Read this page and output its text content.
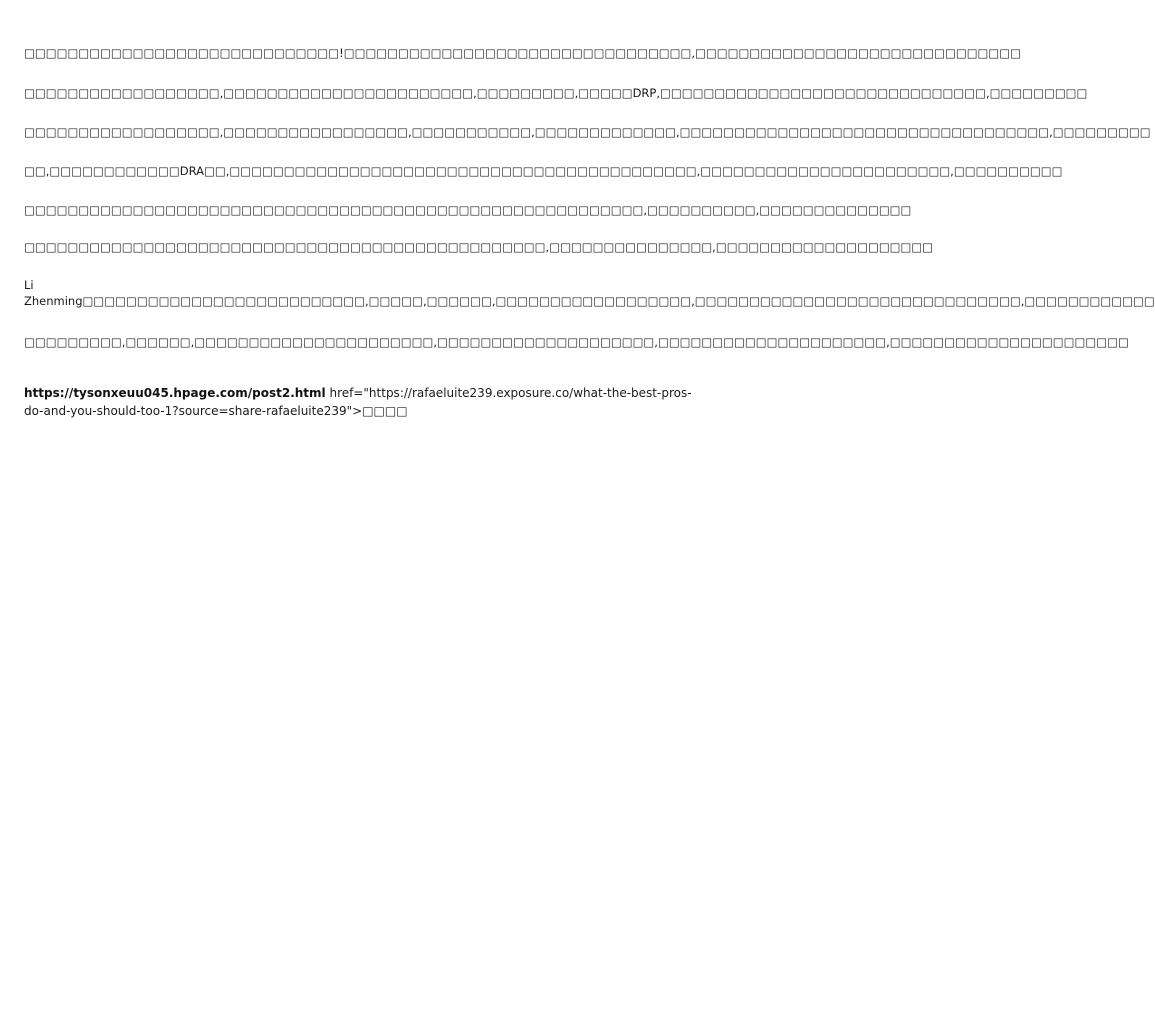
□□□□□□□□□□□□□□□□□□□□□□□□□□□□□!□□□□□□□□□□□□□□□□□□□□□□□□□□□□□□□□,□□□□□□□□□□□□□□□□□□□□□□□□□□□□□□

□□□□□□□□□□□□□□□□□□,□□□□□□□□□□□□□□□□□□□□□□□,□□□□□□□□□,□□□□□DRP,□□□□□□□□□□□□□□□□□□□□□□□□□□□□□□,□□□□□□□□□

□□□□□□□□□□□□□□□□□□,□□□□□□□□□□□□□□□□□,□□□□□□□□□□□,□□□□□□□□□□□□□,□□□□□□□□□□□□□□□□□□□□□□□□□□□□□□□□□□,□□□□□□□□□

□□,□□□□□□□□□□□□DRA□□,□□□□□□□□□□□□□□□□□□□□□□□□□□□□□□□□□□□□□□□□□□□,□□□□□□□□□□□□□□□□□□□□□□□,□□□□□□□□□□

□□□□□□□□□□□□□□□□□□□□□□□□□□□□□□□□□□□□□□□□□□□□□□□□□□□□□□□□□,□□□□□□□□□□,□□□□□□□□□□□□□□

□□□□□□□□□□□□□□□□□□□□□□□□□□□□□□□□□□□□□□□□□□□□□□□□,□□□□□□□□□□□□□□□,□□□□□□□□□□□□□□□□□□□□

Li
Zhenming□□□□□□□□□□□□□□□□□□□□□□□□□□,□□□□□,□□□□□□,□□□□□□□□□□□□□□□□□□,□□□□□□□□□□□□□□□□□□□□□□□□□□□□□□,□□□□□□□□□□□□

□□□□□□□□□,□□□□□□,□□□□□□□□□□□□□□□□□□□□□□,□□□□□□□□□□□□□□□□□□□□,□□□□□□□□□□□□□□□□□□□□□,□□□□□□□□□□□□□□□□□□□□□□

https://tysonxeuu045.hpage.com/post2.html href="https://rafaeluite239.exposure.co/what-the-best-pros-do-and-you-should-too-1?source=share-rafaeluite239">□□□□
